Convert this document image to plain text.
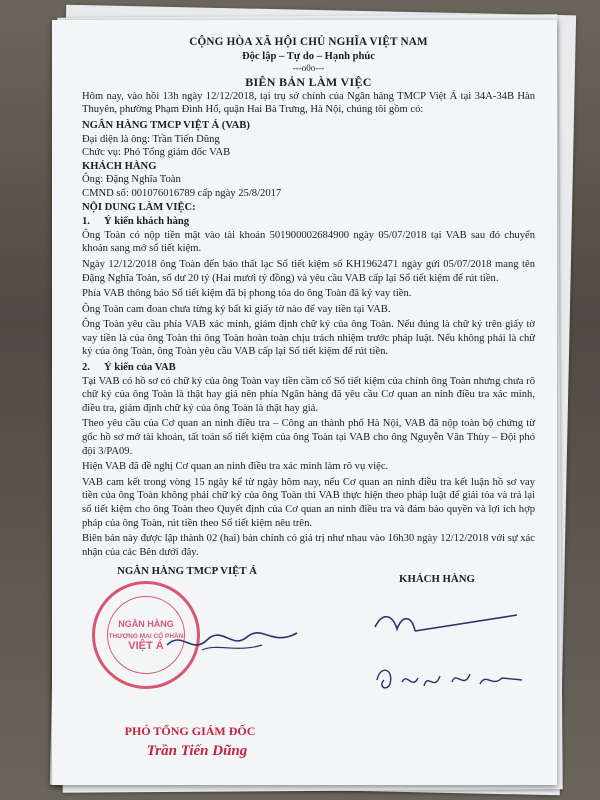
CỘNG HÒA XÃ HỘI CHỦ NGHĨA VIỆT NAM
Độc lập – Tự do – Hạnh phúc
---o0o---
BIÊN BẢN LÀM VIỆC

Hôm nay, vào hồi 13h ngày 12/12/2018, tại trụ sở chính của Ngân hàng TMCP Việt Á tại 34A-34B Hàn Thuyên, phường Phạm Đình Hổ, quận Hai Bà Trưng, Hà Nội, chúng tôi gồm có:

NGÂN HÀNG TMCP VIỆT Á (VAB)
Đại diện là ông: Trần Tiến Dũng
Chức vụ: Phó Tổng giám đốc VAB
KHÁCH HÀNG
Ông: Đặng Nghĩa Toàn
CMND số: 001076016789 cấp ngày 25/8/2017
NỘI DUNG LÀM VIỆC:
1. Ý kiến khách hàng

Ông Toàn có nộp tiền mặt vào tài khoản 501900002684900 ngày 05/07/2018 tại VAB sau đó chuyển khoản sang mở sổ tiết kiệm.

Ngày 12/12/2018 ông Toàn đến báo thất lạc Sổ tiết kiệm số KH1962471 ngày gửi 05/07/2018 mang tên Đặng Nghĩa Toàn, số dư 20 tỷ (Hai mươi tỷ đồng) và yêu cầu VAB cấp lại Sổ tiết kiệm để rút tiền.

Phía VAB thông báo Sổ tiết kiệm đã bị phong tỏa do ông Toàn đã ký vay tiền.

Ông Toàn cam đoan chưa từng ký bất kì giấy tờ nào để vay tiền tại VAB.

Ông Toàn yêu cầu phía VAB xác minh, giám định chữ ký của ông Toàn. Nếu đúng là chữ ký trên giấy tờ vay tiền là của ông Toàn thì ông Toàn hoàn toàn chịu trách nhiệm trước pháp luật. Nếu không phải là chữ ký của ông Toàn, ông Toàn yêu cầu VAB cấp lại Sổ tiết kiệm để rút tiền.

2. Ý kiến của VAB

Tại VAB có hồ sơ có chữ ký của ông Toàn vay tiền cầm cố Sổ tiết kiệm của chính ông Toàn nhưng chưa rõ chữ ký của ông Toàn là thật hay giả nên phía Ngân hàng đã yêu cầu Cơ quan an ninh điều tra xác minh, điều tra, giám định chữ ký của ông Toàn là thật hay giả.

Theo yêu cầu của Cơ quan an ninh điều tra – Công an thành phố Hà Nội, VAB đã nộp toàn bộ chứng từ gốc hồ sơ mở tài khoản, tất toán sổ tiết kiệm của ông Toàn tại VAB cho ông Nguyễn Văn Thùy – Đội phó đội 3/PA09.

Hiện VAB đã đề nghị Cơ quan an ninh điều tra xác minh làm rõ vụ việc.

VAB cam kết trong vòng 15 ngày kể từ ngày hôm nay, nếu Cơ quan an ninh điều tra kết luận hồ sơ vay tiền của ông Toàn không phải chữ ký của ông Toàn thì VAB thực hiện theo pháp luật để giải tỏa và trả lại sổ tiết kiệm cho ông Toàn theo Quyết định của Cơ quan an ninh điều tra và đảm bảo quyền và lợi ích hợp pháp của ông Toàn, rút tiền theo Sổ tiết kiệm nêu trên.

Biên bản này được lập thành 02 (hai) bản chính có giá trị như nhau vào 16h30 ngày 12/12/2018 với sự xác nhận của các Bên dưới đây.

NGÂN HÀNG TMCP VIỆT Á
NGÂN HÀNG
THƯƠNG MẠI CỔ PHẦN
VIỆT Á
PHÓ TỔNG GIÁM ĐỐC
Trần Tiến Dũng
KHÁCH HÀNG
